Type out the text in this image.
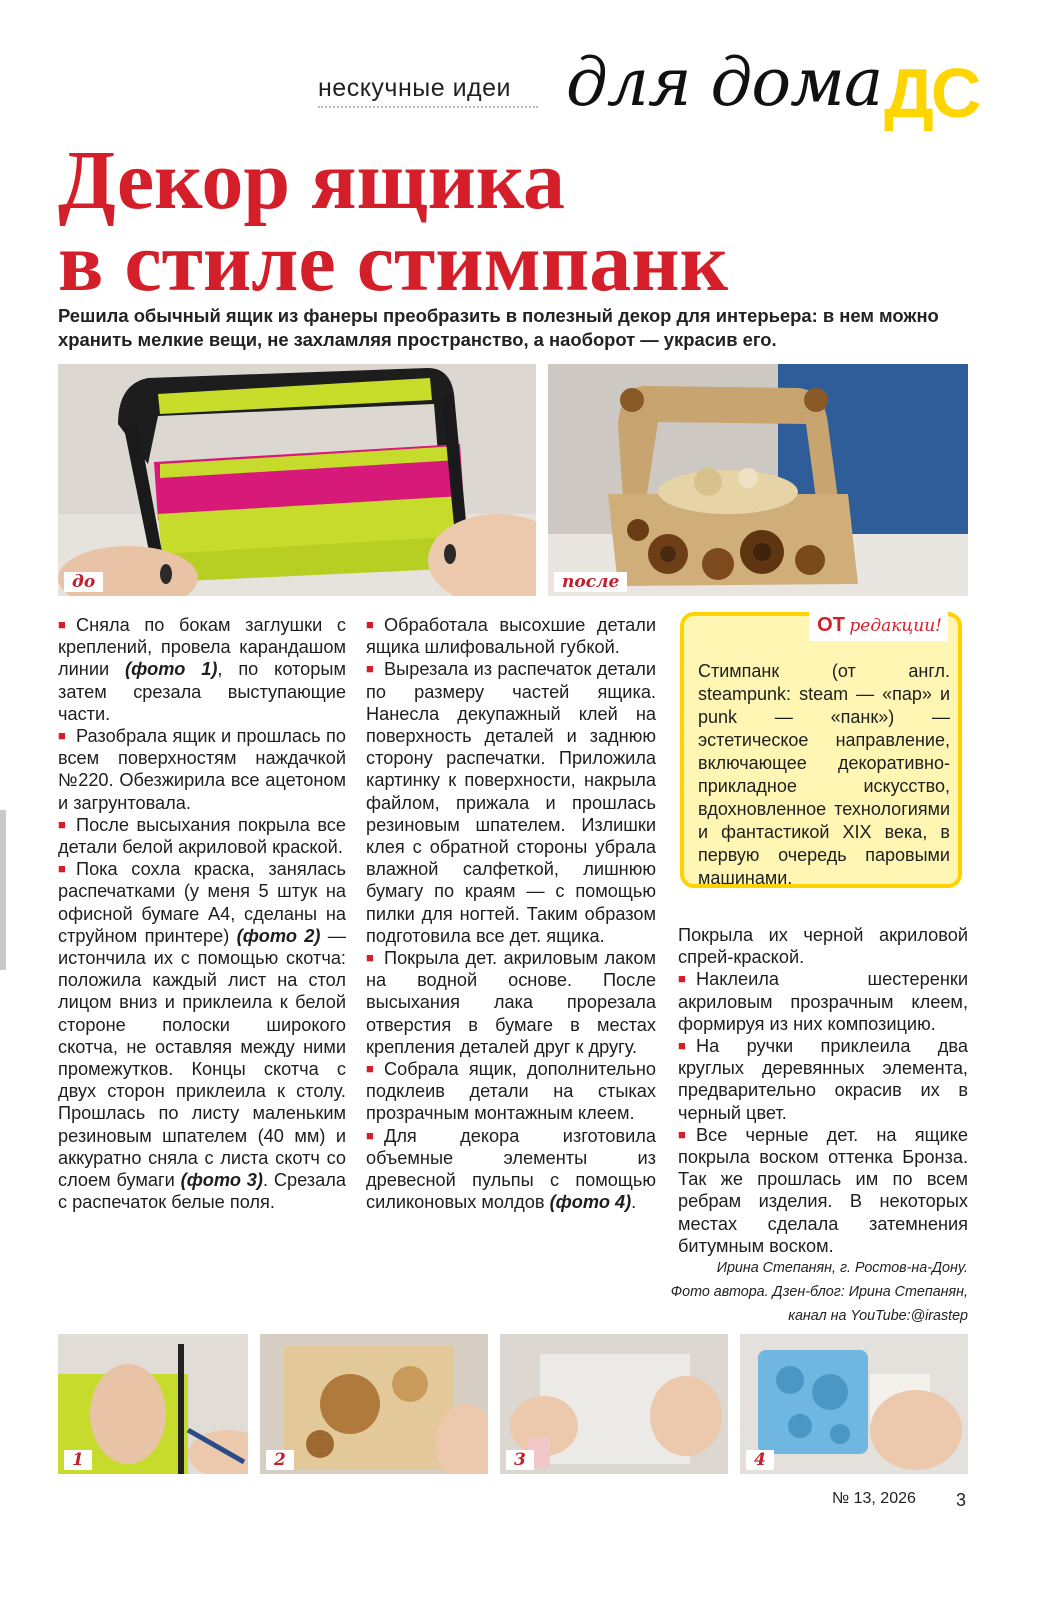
нескучные идеи для дома ДС
Декор ящика
в стиле стимпанк
Решила обычный ящик из фанеры преобразить в полезный декор для интерьера: в нем можно хранить мелкие вещи, не захламляя пространство, а наоборот — украсив его.
до	после

■ Сняла по бокам заглушки с креплений, провела карандашом линии (фото 1), по которым затем срезала выступающие части.

■ Разобрала ящик и прошлась по всем поверхностям наждачкой №220. Обезжирила все ацетоном и загрунтовала.

■ После высыхания покрыла все детали белой акриловой краской.

■ Пока сохла краска, занялась распечатками (у меня 5 штук на офисной бумаге А4, сделаны на струйном принтере) (фото 2) — истончила их с помощью скотча: положила каждый лист на стол лицом вниз и приклеила к белой стороне полоски широкого скотча, не оставляя между ними промежутков. Концы скотча с двух сторон приклеила к столу. Прошлась по листу маленьким резиновым шпателем (40 мм) и аккуратно сняла с листа скотч со слоем бумаги (фото 3). Срезала с распечаток белые поля.

■ Обработала высохшие детали ящика шлифовальной губкой.

■ Вырезала из распечаток детали по размеру частей ящика. Нанесла декупажный клей на поверхность деталей и заднюю сторону распечатки. Приложила картинку к поверхности, накрыла файлом, прижала и прошлась резиновым шпателем. Излишки клея с обратной стороны убрала влажной салфеткой, лишнюю бумагу по краям — с помощью пилки для ногтей. Таким образом подготовила все дет. ящика.

■ Покрыла дет. акриловым лаком на водной основе. После высыхания лака прорезала отверстия в бумаге в местах крепления деталей друг к другу.

■ Собрала ящик, дополнительно подклеив детали на стыках прозрачным монтажным клеем.

■ Для декора изготовила объемные элементы из древесной пульпы с помощью силиконовых молдов (фото 4).

ОТ редакции!
Стимпанк (от англ. steampunk: steam — «пар» и punk — «панк») — эстетическое направление, включающее декоративно-прикладное искусство, вдохновленное технологиями и фантастикой XIX века, в первую очередь паровыми машинами.

Покрыла их черной акриловой спрей-краской.

■ Наклеила шестеренки акриловым прозрачным клеем, формируя из них композицию.

■ На ручки приклеила два круглых деревянных элемента, предварительно окрасив их в черный цвет.

■ Все черные дет. на ящике покрыла воском оттенка Бронза. Так же прошлась им по всем ребрам изделия. В некоторых местах сделала затемнения битумным воском.

Ирина Степанян, г. Ростов-на-Дону.

Фото автора. Дзен-блог: Ирина Степанян, канал на YouTube:@irastep

1	2	3	4
№ 13, 2026 3
